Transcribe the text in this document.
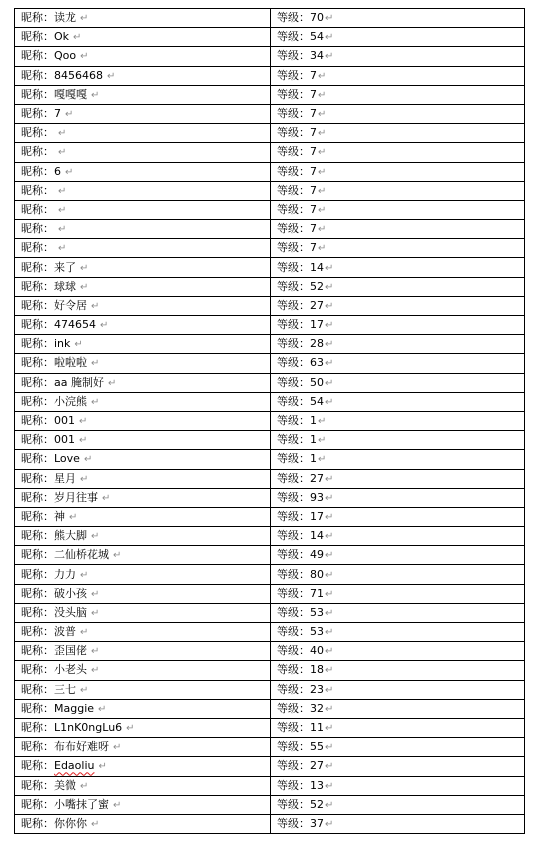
昵称：读龙 ↵	等级：70↵
昵称：Ok ↵	等级：54↵
昵称：Qoo ↵	等级：34↵
昵称：8456468 ↵	等级：7↵
昵称：嘎嘎嘎 ↵	等级：7↵
昵称：7 ↵	等级：7↵
昵称： ↵	等级：7↵
昵称： ↵	等级：7↵
昵称：6 ↵	等级：7↵
昵称： ↵	等级：7↵
昵称： ↵	等级：7↵
昵称： ↵	等级：7↵
昵称： ↵	等级：7↵
昵称：来了 ↵	等级：14↵
昵称：球球 ↵	等级：52↵
昵称：好令居 ↵	等级：27↵
昵称：474654 ↵	等级：17↵
昵称：ink ↵	等级：28↵
昵称：啦啦啦 ↵	等级：63↵
昵称：aa 腌制好 ↵	等级：50↵
昵称：小浣熊 ↵	等级：54↵
昵称：001 ↵	等级：1↵
昵称：001 ↵	等级：1↵
昵称：Love ↵	等级：1↵
昵称：星月 ↵	等级：27↵
昵称：岁月往事 ↵	等级：93↵
昵称：神 ↵	等级：17↵
昵称：熊大脚 ↵	等级：14↵
昵称：二仙桥花城 ↵	等级：49↵
昵称：力力 ↵	等级：80↵
昵称：破小孩 ↵	等级：71↵
昵称：没头脑 ↵	等级：53↵
昵称：波普 ↵	等级：53↵
昵称：歪国佬 ↵	等级：40↵
昵称：小老头 ↵	等级：18↵
昵称：三七 ↵	等级：23↵
昵称：Maggie ↵	等级：32↵
昵称：L1nK0ngLu6 ↵	等级：11↵
昵称：布布好难呀 ↵	等级：55↵
昵称：Edaoliu ↵	等级：27↵
昵称：美微 ↵	等级：13↵
昵称：小嘴抹了蜜 ↵	等级：52↵
昵称：你你你 ↵	等级：37↵
